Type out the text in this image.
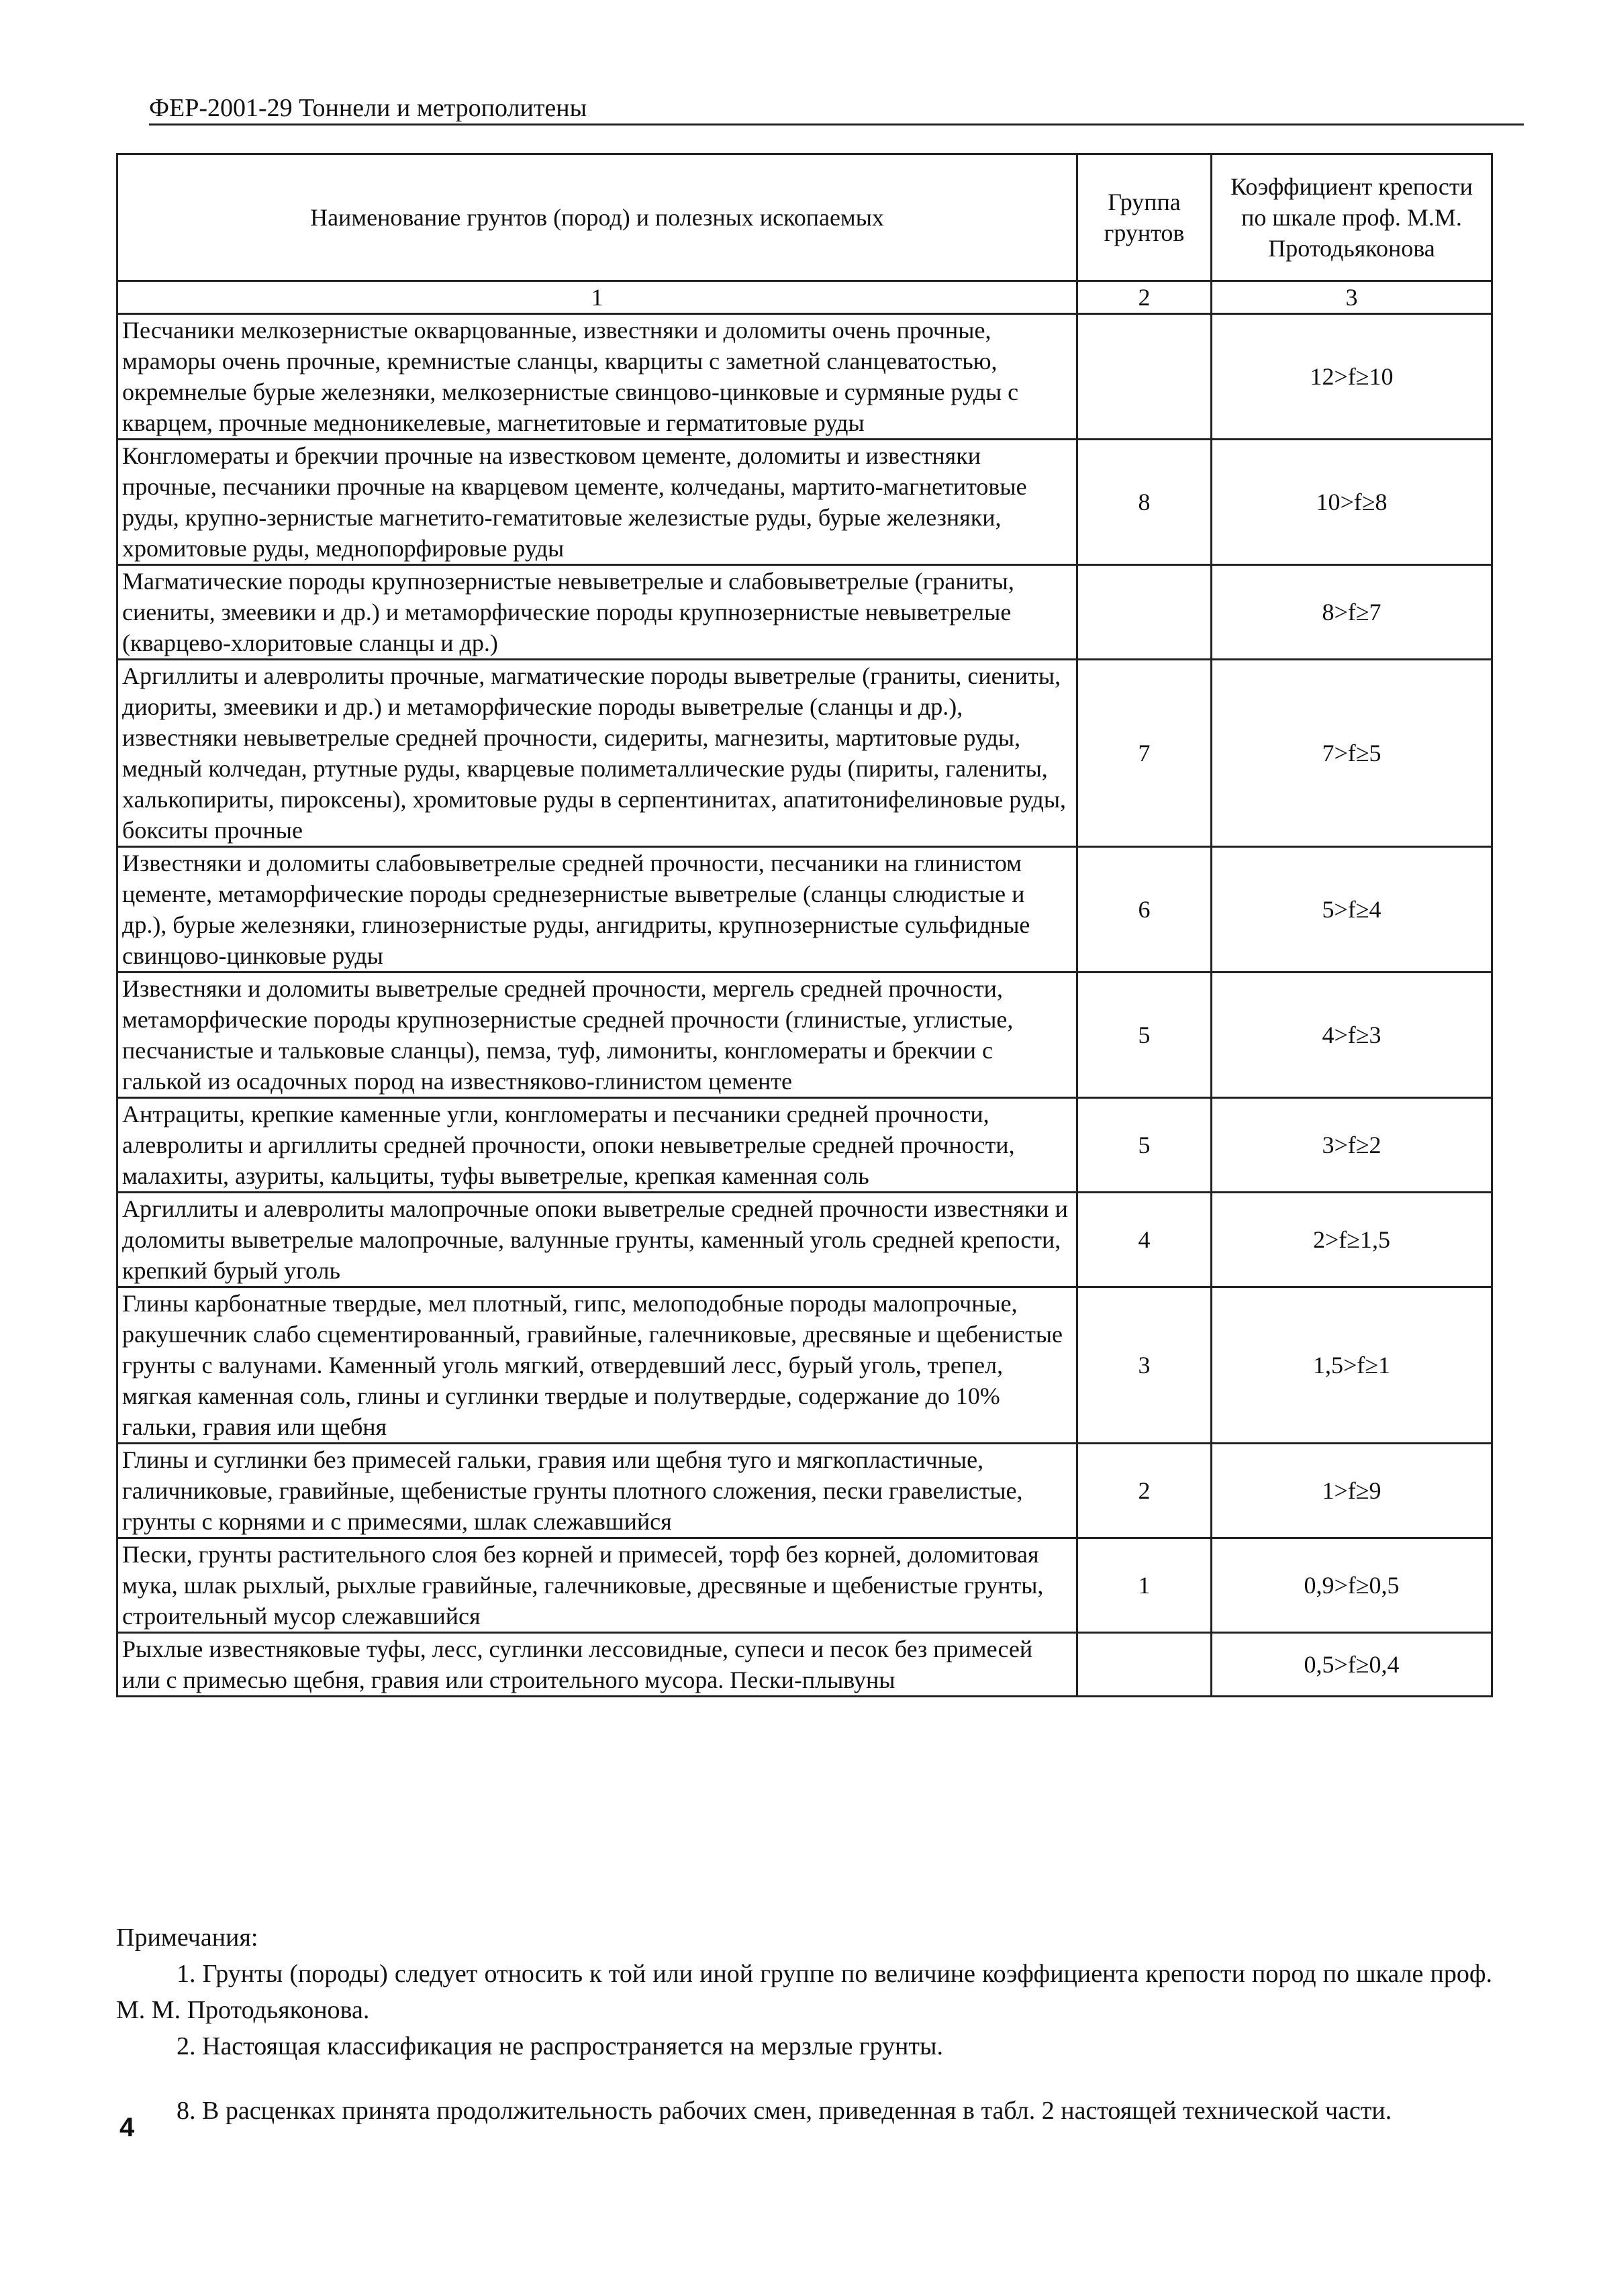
ФЕР-2001-29 Тоннели и метрополитены
Наименование грунтов (пород) и полезных ископаемых	Группа грунтов	Коэффициент крепости по шкале проф. М.М. Протодьяконова
1	2	3
Песчаники мелкозернистые окварцованные, известняки и доломиты очень прочные, мраморы очень прочные, кремнистые сланцы, кварциты с заметной сланцеватостью, окремнелые бурые железняки, мелкозернистые свинцово-цинковые и сурмяные руды с кварцем, прочные медноникелевые, магнетитовые и герматитовые руды		12>f≥10
Конгломераты и брекчии прочные на известковом цементе, доломиты и известняки прочные, песчаники прочные на кварцевом цементе, колчеданы, мартито-магнетитовые руды, крупно-зернистые магнетито-гематитовые железистые руды, бурые железняки, хромитовые руды, меднопорфировые руды	8	10>f≥8
Магматические породы крупнозернистые невыветрелые и слабовыветрелые (граниты, сиениты, змеевики и др.) и метаморфические породы крупнозернистые невыветрелые (кварцево-хлоритовые сланцы и др.)		8>f≥7
Аргиллиты и алевролиты прочные, магматические породы выветрелые (граниты, сиениты, диориты, змеевики и др.) и метаморфические породы выветрелые (сланцы и др.), известняки невыветрелые средней прочности, сидериты, магнезиты, мартитовые руды, медный колчедан, ртутные руды, кварцевые полиметаллические руды (пириты, галениты, халькопириты, пироксены), хромитовые руды в серпентинитах, апатитонифелиновые руды, бокситы прочные	7	7>f≥5
Известняки и доломиты слабовыветрелые средней прочности, песчаники на глинистом цементе, метаморфические породы среднезернистые выветрелые (сланцы слюдистые и др.), бурые железняки, глинозернистые руды, ангидриты, крупнозернистые сульфидные свинцово-цинковые руды	6	5>f≥4
Известняки и доломиты выветрелые средней прочности, мергель средней прочности, метаморфические породы крупнозернистые средней прочности (глинистые, углистые, песчанистые и тальковые сланцы), пемза, туф, лимониты, конгломераты и брекчии с галькой из осадочных пород на известняково-глинистом цементе	5	4>f≥3
Антрациты, крепкие каменные угли, конгломераты и песчаники средней прочности, алевролиты и аргиллиты средней прочности, опоки невыветрелые средней прочности, малахиты, азуриты, кальциты, туфы выветрелые, крепкая каменная соль	5	3>f≥2
Аргиллиты и алевролиты малопрочные опоки выветрелые средней прочности известняки и доломиты выветрелые малопрочные, валунные грунты, каменный уголь средней крепости, крепкий бурый уголь	4	2>f≥1,5
Глины карбонатные твердые, мел плотный, гипс, мелоподобные породы малопрочные, ракушечник слабо сцементированный, гравийные, галечниковые, дресвяные и щебенистые грунты с валунами. Каменный уголь мягкий, отвердевший лесс, бурый уголь, трепел, мягкая каменная соль, глины и суглинки твердые и полутвердые, содержание до 10% гальки, гравия или щебня	3	1,5>f≥1
Глины и суглинки без примесей гальки, гравия или щебня туго и мягкопластичные, галичниковые, гравийные, щебенистые грунты плотного сложения, пески гравелистые, грунты с корнями и с примесями, шлак слежавшийся	2	1>f≥9
Пески, грунты растительного слоя без корней и примесей, торф без корней, доломитовая мука, шлак рыхлый, рыхлые гравийные, галечниковые, дресвяные и щебенистые грунты, строительный мусор слежавшийся	1	0,9>f≥0,5
Рыхлые известняковые туфы, лесс, суглинки лессовидные, супеси и песок без примесей или с примесью щебня, гравия или строительного мусора. Пески-плывуны		0,5>f≥0,4

Примечания:

1. Грунты (породы) следует относить к той или иной группе по величине коэффициента крепости пород по шкале проф. М. М. Протодьяконова.

2. Настоящая классификация не распространяется на мерзлые грунты.

8. В расценках принята продолжительность рабочих смен, приведенная в табл. 2 настоящей технической части.

4
